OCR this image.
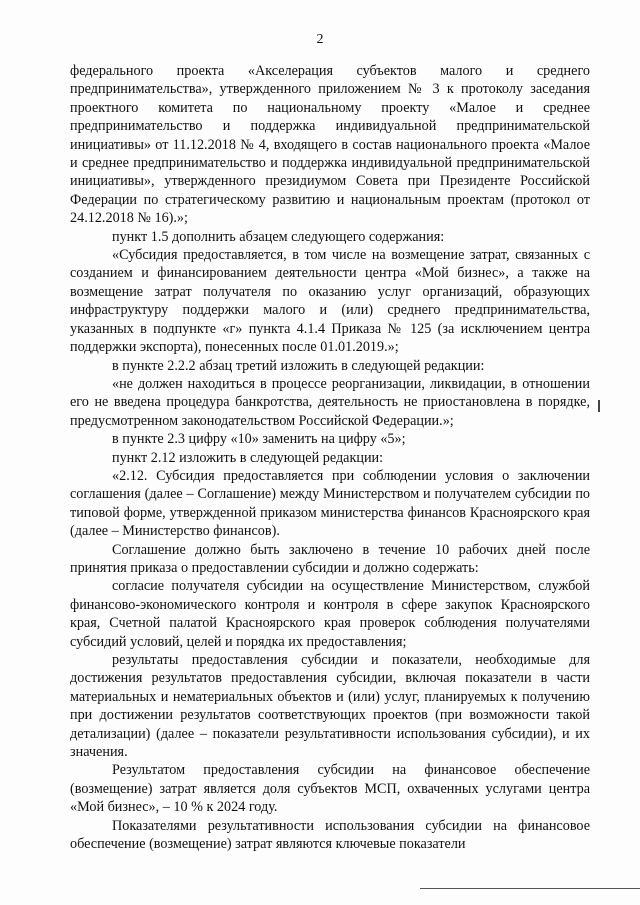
2

федерального проекта «Акселерация субъектов малого и среднего предпринимательства», утвержденного приложением № 3 к протоколу заседания проектного комитета по национальному проекту «Малое и среднее предпринимательство и поддержка индивидуальной предпринимательской инициативы» от 11.12.2018 № 4, входящего в состав национального проекта «Малое и среднее предпринимательство и поддержка индивидуальной предпринимательской инициативы», утвержденного президиумом Совета при Президенте Российской Федерации по стратегическому развитию и национальным проектам (протокол от 24.12.2018 № 16).»;

пункт 1.5 дополнить абзацем следующего содержания:

«Субсидия предоставляется, в том числе на возмещение затрат, связанных с созданием и финансированием деятельности центра «Мой бизнес», а также на возмещение затрат получателя по оказанию услуг организаций, образующих инфраструктуру поддержки малого и (или) среднего предпринимательства, указанных в подпункте «г» пункта 4.1.4 Приказа № 125 (за исключением центра поддержки экспорта), понесенных после 01.01.2019.»;

в пункте 2.2.2 абзац третий изложить в следующей редакции:

«не должен находиться в процессе реорганизации, ликвидации, в отношении его не введена процедура банкротства, деятельность не приостановлена в порядке, предусмотренном законодательством Российской Федерации.»;

в пункте 2.3 цифру «10» заменить на цифру «5»;

пункт 2.12 изложить в следующей редакции:

«2.12. Субсидия предоставляется при соблюдении условия о заключении соглашения (далее – Соглашение) между Министерством и получателем субсидии по типовой форме, утвержденной приказом министерства финансов Красноярского края (далее – Министерство финансов).

Соглашение должно быть заключено в течение 10 рабочих дней после принятия приказа о предоставлении субсидии и должно содержать:

согласие получателя субсидии на осуществление Министерством, службой финансово-экономического контроля и контроля в сфере закупок Красноярского края, Счетной палатой Красноярского края проверок соблюдения получателями субсидий условий, целей и порядка их предоставления;

результаты предоставления субсидии и показатели, необходимые для достижения результатов предоставления субсидии, включая показатели в части материальных и нематериальных объектов и (или) услуг, планируемых к получению при достижении результатов соответствующих проектов (при возможности такой детализации) (далее – показатели результативности использования субсидии), и их значения.

Результатом предоставления субсидии на финансовое обеспечение (возмещение) затрат является доля субъектов МСП, охваченных услугами центра «Мой бизнес», – 10 % к 2024 году.

Показателями результативности использования субсидии на финансовое обеспечение (возмещение) затрат являются ключевые показатели
